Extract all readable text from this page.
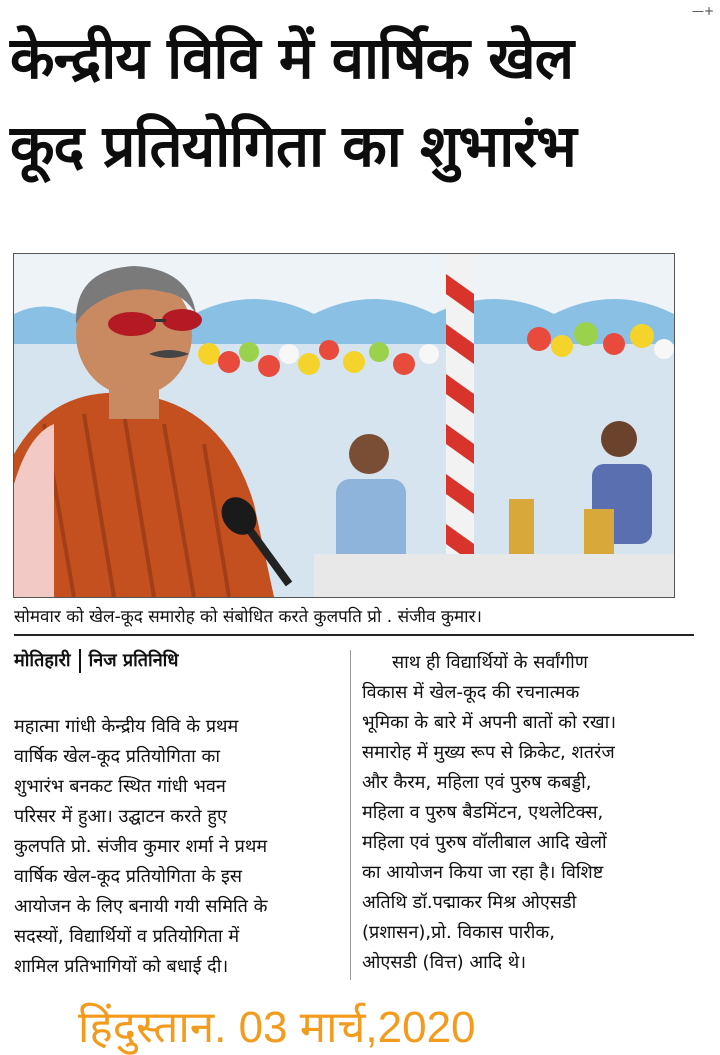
—+
केन्द्रीय विवि में वार्षिक खेल
कूद प्रतियोगिता का शुभारंभ
सोमवार को खेल-कूद समारोह को संबोधित करते कुलपति प्रो . संजीव कुमार।
मोतिहारी निज प्रतिनिधि

महात्मा गांधी केन्द्रीय विवि के प्रथम

वार्षिक खेल-कूद प्रतियोगिता का

शुभारंभ बनकट स्थित गांधी भवन

परिसर में हुआ। उद्घाटन करते हुए

कुलपति प्रो. संजीव कुमार शर्मा ने प्रथम

वार्षिक खेल-कूद प्रतियोगिता के इस

आयोजन के लिए बनायी गयी समिति के

सदस्यों, विद्यार्थियों व प्रतियोगिता में

शामिल प्रतिभागियों को बधाई दी।

साथ ही विद्यार्थियों के सर्वांगीण

विकास में खेल-कूद की रचनात्मक

भूमिका के बारे में अपनी बातों को रखा।

समारोह में मुख्य रूप से क्रिकेट, शतरंज

और कैरम, महिला एवं पुरुष कबड्डी,

महिला व पुरुष बैडमिंटन, एथलेटिक्स,

महिला एवं पुरुष वॉलीबाल आदि खेलों

का आयोजन किया जा रहा है। विशिष्ट

अतिथि डॉ.पद्माकर मिश्र ओएसडी

(प्रशासन),प्रो. विकास पारीक,

ओएसडी (वित्त) आदि थे।

हिंदुस्तान. 03 मार्च,2020
